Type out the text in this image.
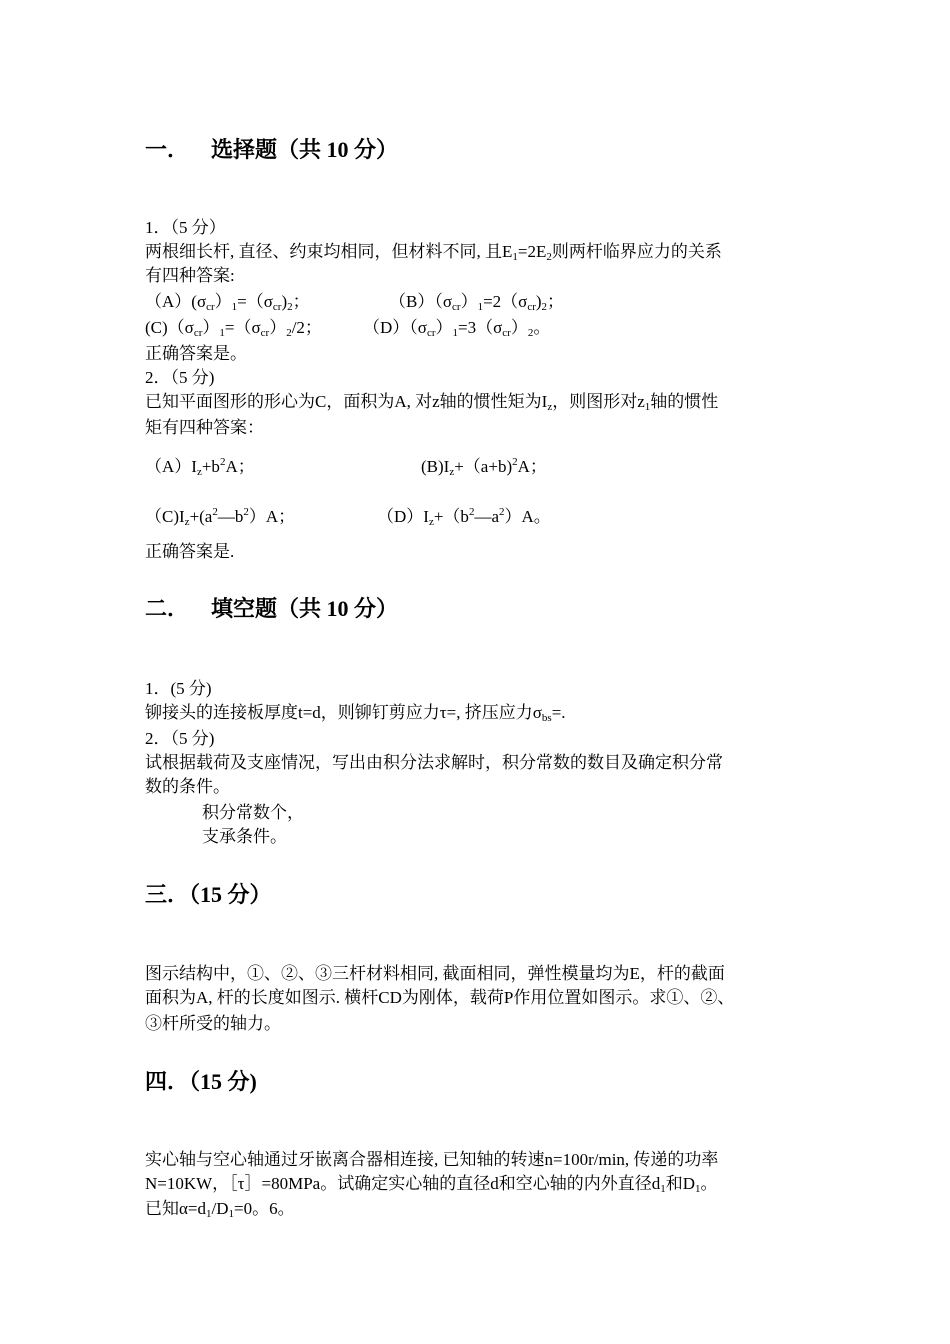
一． 选择题（共 10 分）
1．（5 分）
两根细长杆, 直径、约束均相同，但材料不同, 且$E_1=2E_2$则两杆临界应力的关系
有四种答案:
$(A)(\sigma_{cr})_1=(\sigma_{cr})_2$；	$(B)(\sigma_{cr})_1=2(\sigma_{cr})_2$；
$(C)(\sigma_{cr})_1=(\sigma_{cr})_2/2$； $(D)(\sigma_{cr})_1=3(\sigma_{cr})_2$。
正确答案是。
2．（5 分)
已知平面图形的形心为C，面积为A, 对z轴的惯性矩为$I_z$，则图形对$z_1$轴的惯性
矩有四种答案：
$(A)I_z+b^2A$；	$(B)I_z+(a+b)^2A$；
$(C)I_z+(a^2—b^2)A$；	$(D)I_z+(b^2—a^2)A$。
正确答案是.
二． 填空题（共 10 分）
1．(5 分)
铆接头的连接板厚度t=d，则铆钉剪应力τ=, 挤压应力$\sigma_{bs}=$.
2．（5 分)
试根据载荷及支座情况，写出由积分法求解时，积分常数的数目及确定积分常
数的条件。
积分常数个，
支承条件。
三．（15 分）
图示结构中，①、②、③三杆材料相同, 截面相同，弹性模量均为E，杆的截面
面积为A, 杆的长度如图示. 横杆CD为刚体，载荷P作用位置如图示。求①、②、
③杆所受的轴力。
四．（15 分)
实心轴与空心轴通过牙嵌离合器相连接, 已知轴的转速n=100r/min, 传递的功率
N=10KW，［τ］=80MPa。试确定实心轴的直径d和空心轴的内外直径$d_1$和$D_1$。
已知$\alpha=d_1/D_1=0$。6。
